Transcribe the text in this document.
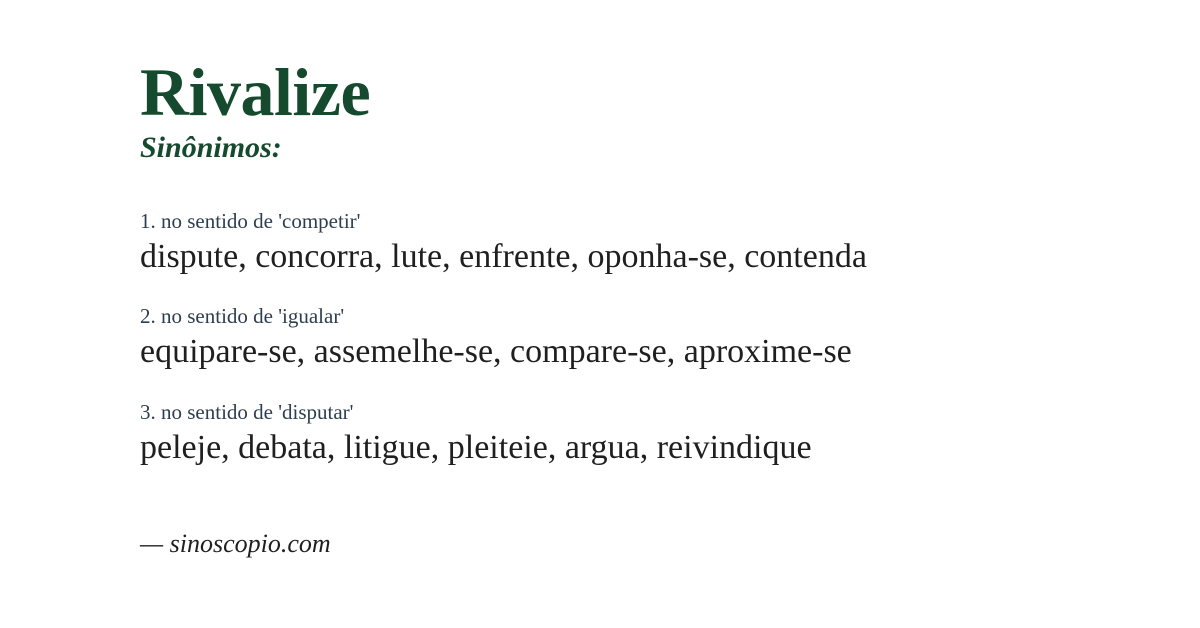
Rivalize
Sinônimos:
1. no sentido de 'competir'
dispute, concorra, lute, enfrente, oponha-se, contenda
2. no sentido de 'igualar'
equipare-se, assemelhe-se, compare-se, aproxime-se
3. no sentido de 'disputar'
peleje, debata, litigue, pleiteie, argua, reivindique
— sinoscopio.com
